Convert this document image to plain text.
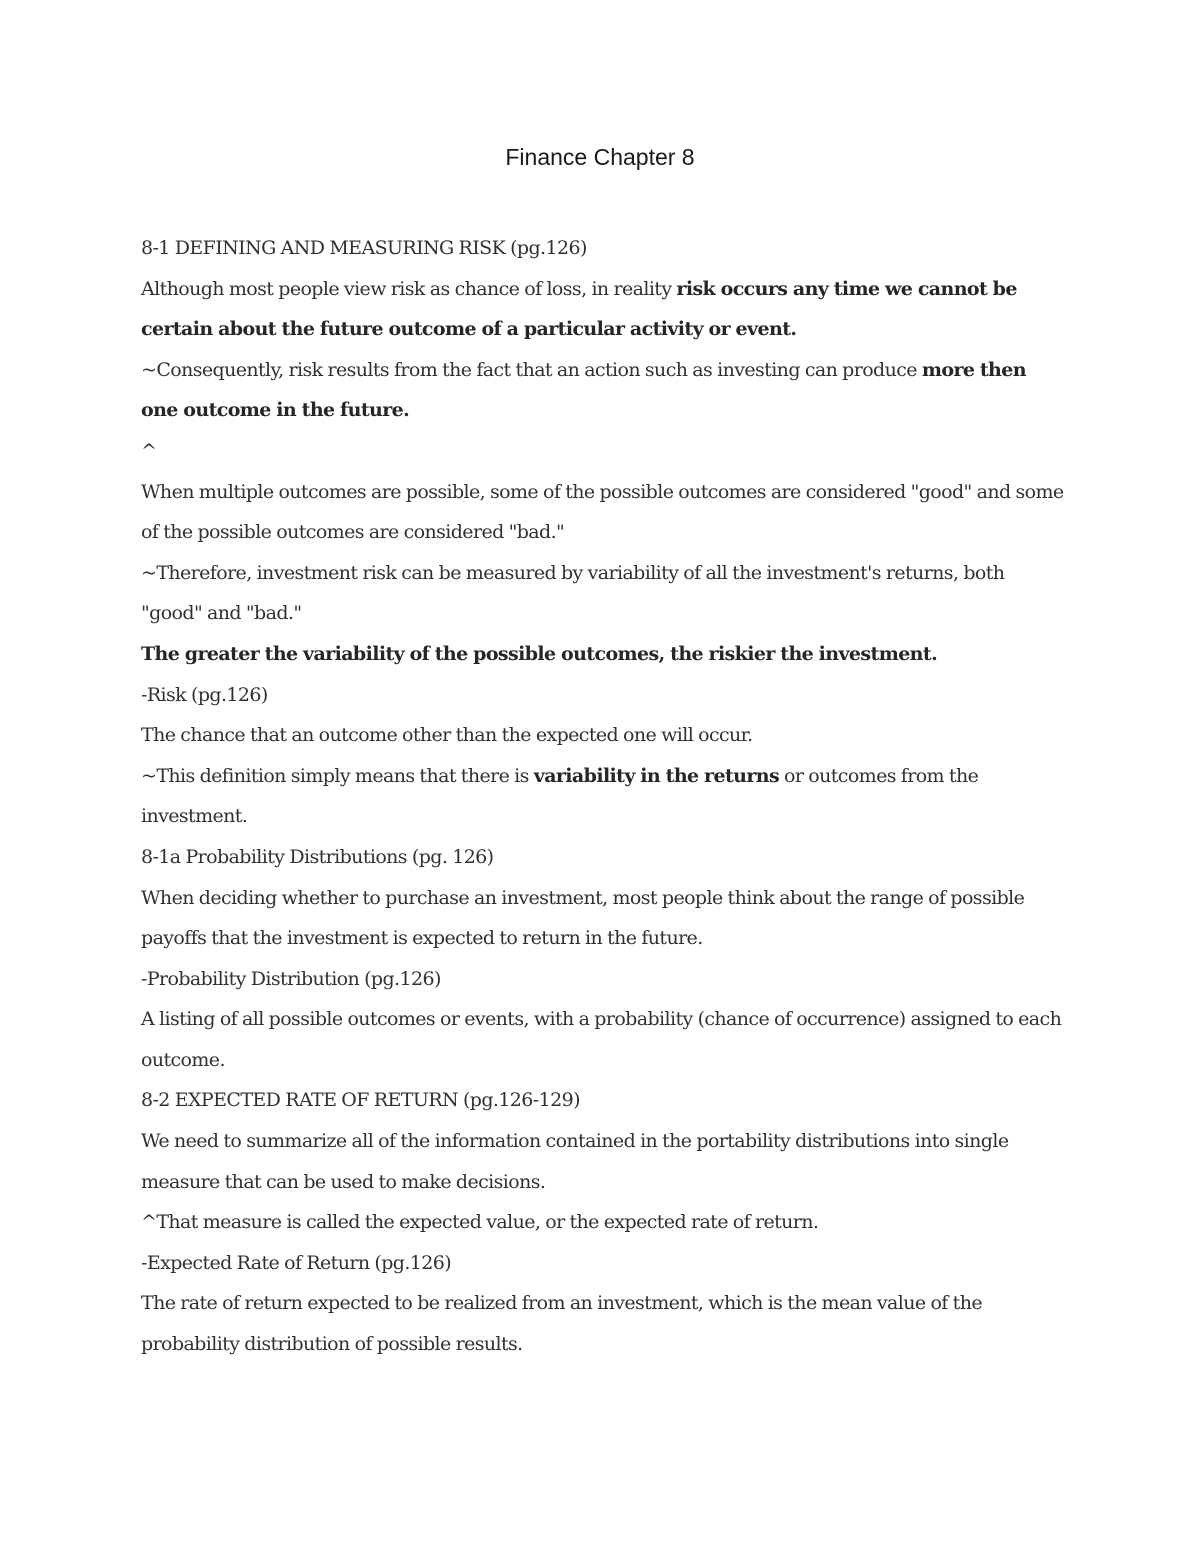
Finance Chapter 8

8-1 DEFINING AND MEASURING RISK (pg.126)

Although most people view risk as chance of loss, in reality risk occurs any time we cannot be certain about the future outcome of a particular activity or event.

~Consequently, risk results from the fact that an action such as investing can produce more then one outcome in the future.

^

When multiple outcomes are possible, some of the possible outcomes are considered "good" and some of the possible outcomes are considered "bad."

~Therefore, investment risk can be measured by variability of all the investment's returns, both "good" and "bad."

The greater the variability of the possible outcomes, the riskier the investment.

-Risk (pg.126)

The chance that an outcome other than the expected one will occur.

~This definition simply means that there is variability in the returns or outcomes from the investment.

8-1a Probability Distributions (pg. 126)

When deciding whether to purchase an investment, most people think about the range of possible payoffs that the investment is expected to return in the future.

-Probability Distribution (pg.126)

A listing of all possible outcomes or events, with a probability (chance of occurrence) assigned to each outcome.

8-2 EXPECTED RATE OF RETURN (pg.126-129)

We need to summarize all of the information contained in the portability distributions into single measure that can be used to make decisions.

^That measure is called the expected value, or the expected rate of return.

-Expected Rate of Return (pg.126)

The rate of return expected to be realized from an investment, which is the mean value of the probability distribution of possible results.
